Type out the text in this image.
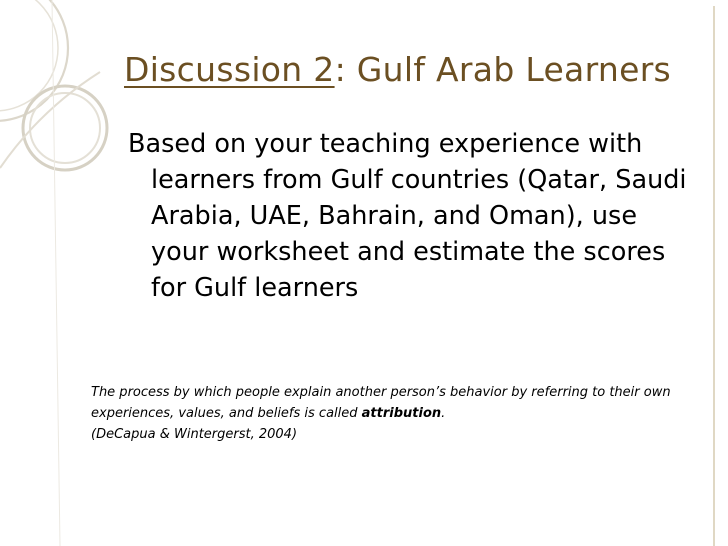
Discussion 2: Gulf Arab Learners
Based on your teaching experience with
learners from Gulf countries (Qatar, Saudi
Arabia, UAE, Bahrain, and Oman), use
your worksheet and estimate the scores
for Gulf learners
The process by which people explain another person’s behavior by referring to their own
experiences, values, and beliefs is called attribution.
(DeCapua & Wintergerst, 2004)
